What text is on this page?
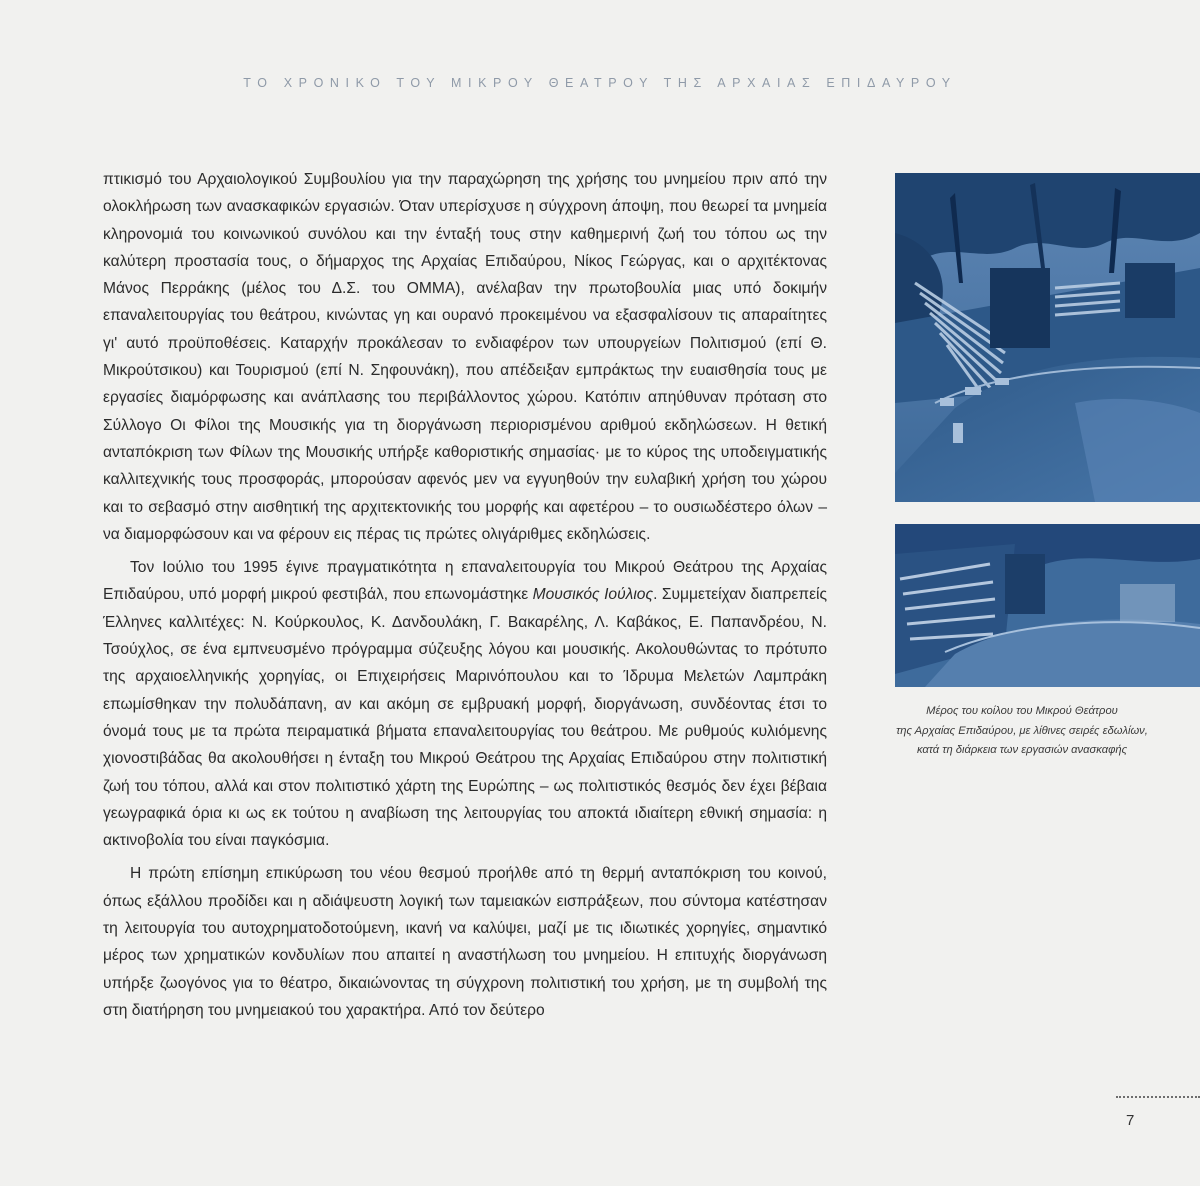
ΤΟ ΧΡΟΝΙΚΟ ΤΟΥ ΜΙΚΡΟΥ ΘΕΑΤΡΟΥ ΤΗΣ ΑΡΧΑΙΑΣ ΕΠΙΔΑΥΡΟΥ

πτικισμό του Αρχαιολογικού Συμβουλίου για την παραχώρηση της χρήσης του μνημείου πριν από την ολοκλήρωση των ανασκαφικών εργασιών. Όταν υπερίσχυσε η σύγχρονη άποψη, που θεωρεί τα μνημεία κληρονομιά του κοινωνικού συνόλου και την ένταξή τους στην καθημερινή ζωή του τόπου ως την καλύτερη προστασία τους, ο δήμαρχος της Αρχαίας Επιδαύρου, Νίκος Γεώργας, και ο αρχιτέκτονας Μάνος Περράκης (μέλος του Δ.Σ. του ΟΜΜΑ), ανέλαβαν την πρωτοβουλία μιας υπό δοκιμήν επαναλειτουργίας του θεάτρου, κινώντας γη και ουρανό προκειμένου να εξασφαλίσουν τις απαραίτητες γι' αυτό προϋποθέσεις. Καταρχήν προκάλεσαν το ενδιαφέρον των υπουργείων Πολιτισμού (επί Θ. Μικρούτσικου) και Τουρισμού (επί Ν. Σηφουνάκη), που απέδειξαν εμπράκτως την ευαισθησία τους με εργασίες διαμόρφωσης και ανάπλασης του περιβάλλοντος χώρου. Κατόπιν απηύθυναν πρόταση στο Σύλλογο Οι Φίλοι της Μουσικής για τη διοργάνωση περιορισμένου αριθμού εκδηλώσεων. Η θετική ανταπόκριση των Φίλων της Μουσικής υπήρξε καθοριστικής σημασίας· με το κύρος της υποδειγματικής καλλιτεχνικής τους προσφοράς, μπορούσαν αφενός μεν να εγγυηθούν την ευλαβική χρήση του χώρου και το σεβασμό στην αισθητική της αρχιτεκτονικής του μορφής και αφετέρου – το ουσιωδέστερο όλων – να διαμορφώσουν και να φέρουν εις πέρας τις πρώτες ολιγάριθμες εκδηλώσεις.

Τον Ιούλιο του 1995 έγινε πραγματικότητα η επαναλειτουργία του Μικρού Θεάτρου της Αρχαίας Επιδαύρου, υπό μορφή μικρού φεστιβάλ, που επωνομάστηκε Μουσικός Ιούλιος. Συμμετείχαν διαπρεπείς Έλληνες καλλιτέχες: Ν. Κούρκουλος, Κ. Δανδουλάκη, Γ. Βακαρέλης, Λ. Καβάκος, Ε. Παπανδρέου, Ν. Τσούχλος, σε ένα εμπνευσμένο πρόγραμμα σύζευξης λόγου και μουσικής. Ακολουθώντας το πρότυπο της αρχαιοελληνικής χορηγίας, οι Επιχειρήσεις Μαρινόπουλου και το Ίδρυμα Μελετών Λαμπράκη επωμίσθηκαν την πολυδάπανη, αν και ακόμη σε εμβρυακή μορφή, διοργάνωση, συνδέοντας έτσι το όνομά τους με τα πρώτα πειραματικά βήματα επαναλειτουργίας του θεάτρου. Με ρυθμούς κυλιόμενης χιονοστιβάδας θα ακολουθήσει η ένταξη του Μικρού Θεάτρου της Αρχαίας Επιδαύρου στην πολιτιστική ζωή του τόπου, αλλά και στον πολιτιστικό χάρτη της Ευρώπης – ως πολιτιστικός θεσμός δεν έχει βέβαια γεωγραφικά όρια κι ως εκ τούτου η αναβίωση της λειτουργίας του αποκτά ιδιαίτερη εθνική σημασία: η ακτινοβολία του είναι παγκόσμια.

Η πρώτη επίσημη επικύρωση του νέου θεσμού προήλθε από τη θερμή ανταπόκριση του κοινού, όπως εξάλλου προδίδει και η αδιάψευστη λογική των ταμειακών εισπράξεων, που σύντομα κατέστησαν τη λειτουργία του αυτοχρηματοδοτούμενη, ικανή να καλύψει, μαζί με τις ιδιωτικές χορηγίες, σημαντικό μέρος των χρηματικών κονδυλίων που απαιτεί η αναστήλωση του μνημείου. Η επιτυχής διοργάνωση υπήρξε ζωογόνος για το θέατρο, δικαιώνοντας τη σύγχρονη πολιτιστική του χρήση, με τη συμβολή της στη διατήρηση του μνημειακού του χαρακτήρα. Από τον δεύτερο

Μέρος του κοίλου του Μικρού Θεάτρου
της Αρχαίας Επιδαύρου, με λίθινες σειρές εδωλίων,
κατά τη διάρκεια των εργασιών ανασκαφής
7
